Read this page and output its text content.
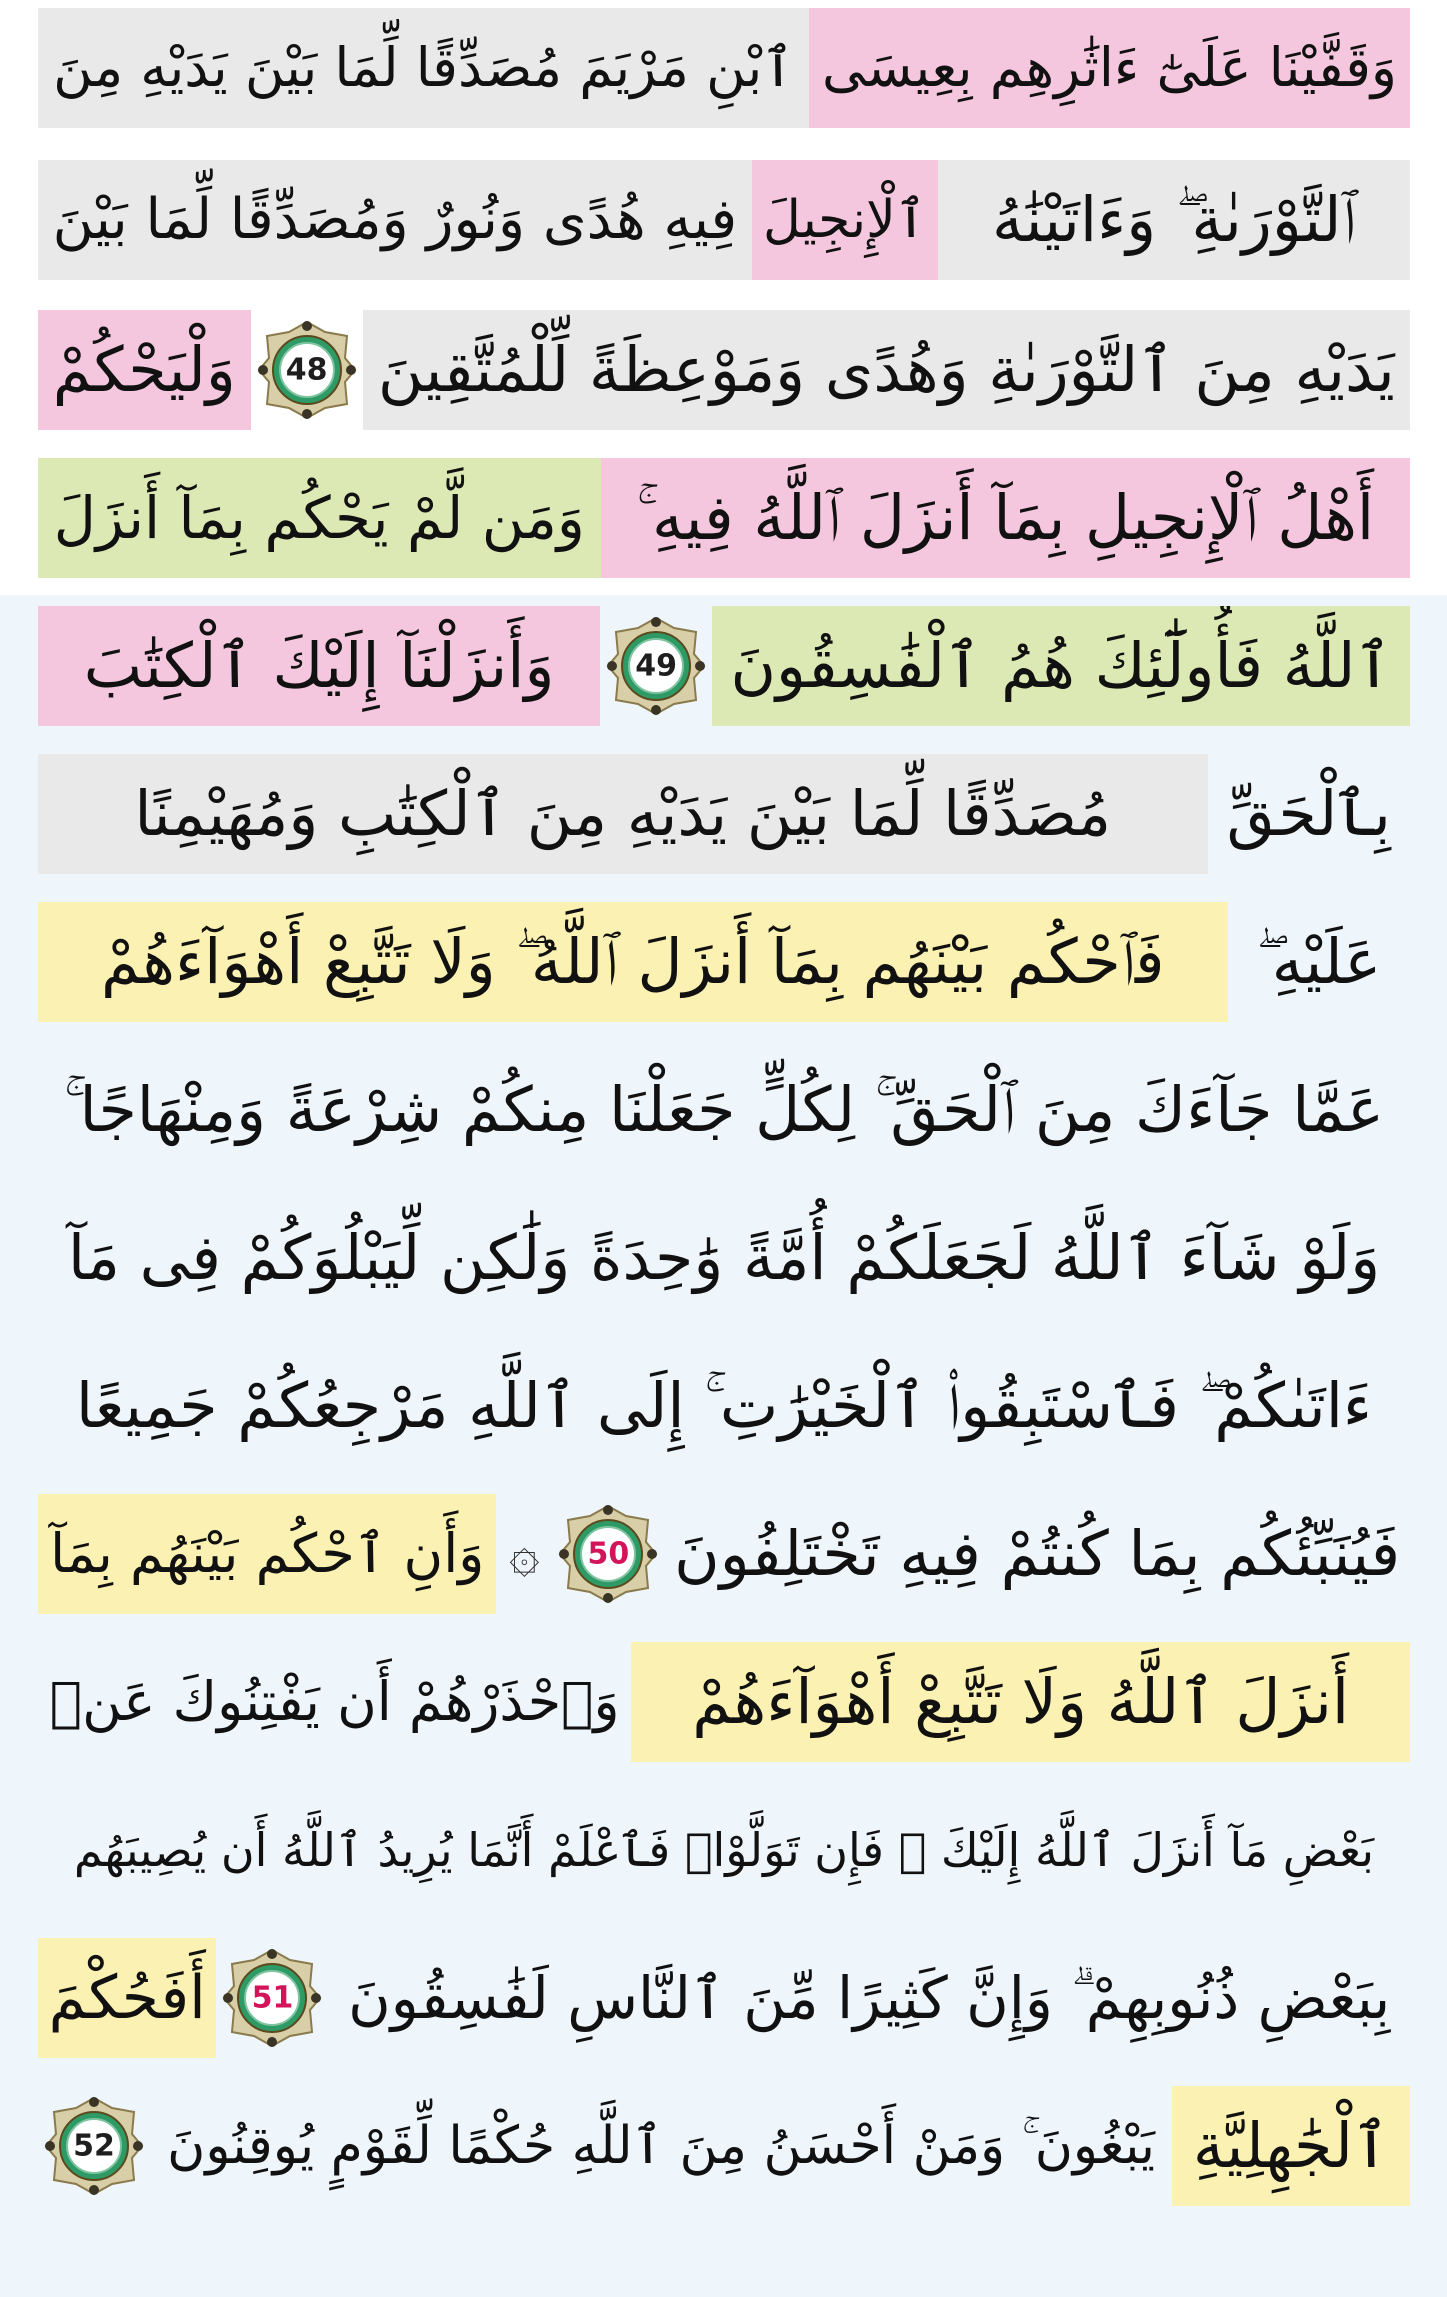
وَقَفَّيْنَا عَلَىٰٓ ءَاثَٰرِهِم بِعِيسَى
ٱبْنِ مَرْيَمَ مُصَدِّقًا لِّمَا بَيْنَ يَدَيْهِ مِنَ
ٱلتَّوْرَىٰةِ ۖ وَءَاتَيْنَٰهُ
ٱلْإِنجِيلَ
فِيهِ هُدًى وَنُورٌ وَمُصَدِّقًا لِّمَا بَيْنَ
يَدَيْهِ مِنَ ٱلتَّوْرَىٰةِ وَهُدًى وَمَوْعِظَةً لِّلْمُتَّقِينَ
48
وَلْيَحْكُمْ
أَهْلُ ٱلْإِنجِيلِ بِمَآ أَنزَلَ ٱللَّهُ فِيهِ ۚ
وَمَن لَّمْ يَحْكُم بِمَآ أَنزَلَ
ٱللَّهُ فَأُولَٰٓئِكَ هُمُ ٱلْفَٰسِقُونَ
49
وَأَنزَلْنَآ إِلَيْكَ ٱلْكِتَٰبَ
بِٱلْحَقِّ
مُصَدِّقًا لِّمَا بَيْنَ يَدَيْهِ مِنَ ٱلْكِتَٰبِ وَمُهَيْمِنًا
عَلَيْهِ ۖ
فَٱحْكُم بَيْنَهُم بِمَآ أَنزَلَ ٱللَّهُ ۖ وَلَا تَتَّبِعْ أَهْوَآءَهُمْ
عَمَّا جَآءَكَ مِنَ ٱلْحَقِّ ۚ لِكُلٍّ جَعَلْنَا مِنكُمْ شِرْعَةً وَمِنْهَاجًا ۚ
وَلَوْ شَآءَ ٱللَّهُ لَجَعَلَكُمْ أُمَّةً وَٰحِدَةً وَلَٰكِن لِّيَبْلُوَكُمْ فِى مَآ
ءَاتَىٰكُمْ ۖ فَٱسْتَبِقُوا۟ ٱلْخَيْرَٰتِ ۚ إِلَى ٱللَّهِ مَرْجِعُكُمْ جَمِيعًا
فَيُنَبِّئُكُم بِمَا كُنتُمْ فِيهِ تَخْتَلِفُونَ
50
۞
وَأَنِ ٱحْكُم بَيْنَهُم بِمَآ
أَنزَلَ ٱللَّهُ وَلَا تَتَّبِعْ أَهْوَآءَهُمْ
وَٱحْذَرْهُمْ أَن يَفْتِنُوكَ عَنۢ
بَعْضِ مَآ أَنزَلَ ٱللَّهُ إِلَيْكَ ۖ فَإِن تَوَلَّوْا۟ فَٱعْلَمْ أَنَّمَا يُرِيدُ ٱللَّهُ أَن يُصِيبَهُم
بِبَعْضِ ذُنُوبِهِمْ ۗ وَإِنَّ كَثِيرًا مِّنَ ٱلنَّاسِ لَفَٰسِقُونَ
51
أَفَحُكْمَ
ٱلْجَٰهِلِيَّةِ
يَبْغُونَ ۚ وَمَنْ أَحْسَنُ مِنَ ٱللَّهِ حُكْمًا لِّقَوْمٍ يُوقِنُونَ
52
